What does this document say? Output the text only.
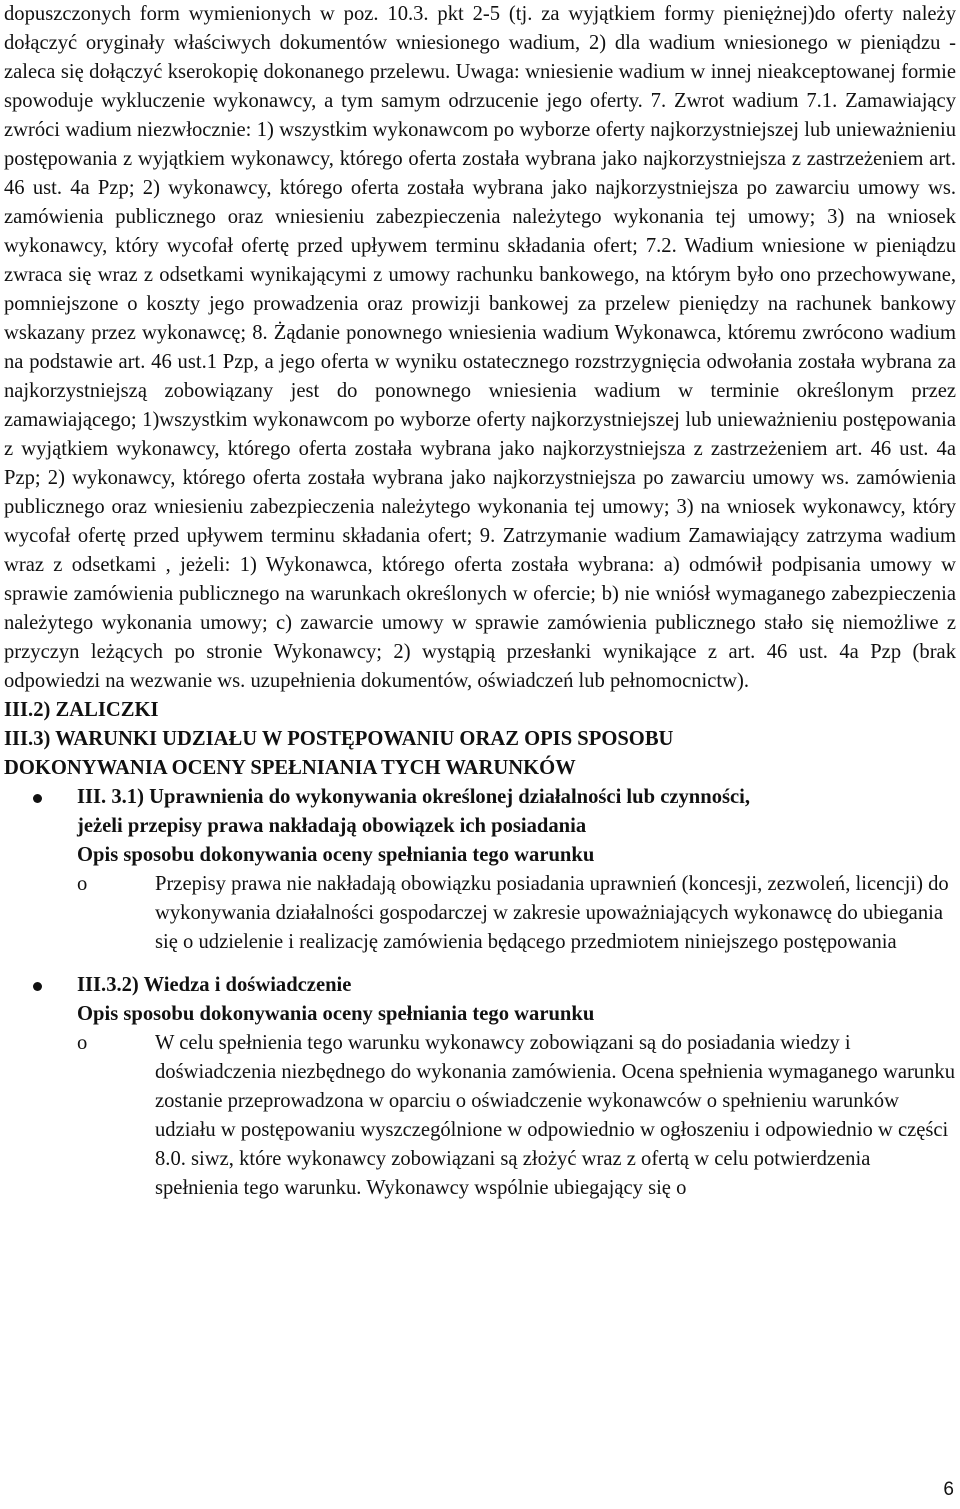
dopuszczonych form wymienionych w poz. 10.3. pkt 2-5 (tj. za wyjątkiem formy pieniężnej)do oferty należy dołączyć oryginały właściwych dokumentów wniesionego wadium, 2) dla wadium wniesionego w pieniądzu - zaleca się dołączyć kserokopię dokonanego przelewu. Uwaga: wniesienie wadium w innej nieakceptowanej formie spowoduje wykluczenie wykonawcy, a tym samym odrzucenie jego oferty. 7. Zwrot wadium 7.1. Zamawiający zwróci wadium niezwłocznie: 1) wszystkim wykonawcom po wyborze oferty najkorzystniejszej lub unieważnieniu postępowania z wyjątkiem wykonawcy, którego oferta została wybrana jako najkorzystniejsza z zastrzeżeniem art. 46 ust. 4a Pzp; 2) wykonawcy, którego oferta została wybrana jako najkorzystniejsza po zawarciu umowy ws. zamówienia publicznego oraz wniesieniu zabezpieczenia należytego wykonania tej umowy; 3) na wniosek wykonawcy, który wycofał ofertę przed upływem terminu składania ofert; 7.2. Wadium wniesione w pieniądzu zwraca się wraz z odsetkami wynikającymi z umowy rachunku bankowego, na którym było ono przechowywane, pomniejszone o koszty jego prowadzenia oraz prowizji bankowej za przelew pieniędzy na rachunek bankowy wskazany przez wykonawcę; 8. Żądanie ponownego wniesienia wadium Wykonawca, któremu zwrócono wadium na podstawie art. 46 ust.1 Pzp, a jego oferta w wyniku ostatecznego rozstrzygnięcia odwołania została wybrana za najkorzystniejszą zobowiązany jest do ponownego wniesienia wadium w terminie określonym przez zamawiającego; 1)wszystkim wykonawcom po wyborze oferty najkorzystniejszej lub unieważnieniu postępowania z wyjątkiem wykonawcy, którego oferta została wybrana jako najkorzystniejsza z zastrzeżeniem art. 46 ust. 4a Pzp; 2) wykonawcy, którego oferta została wybrana jako najkorzystniejsza po zawarciu umowy ws. zamówienia publicznego oraz wniesieniu zabezpieczenia należytego wykonania tej umowy; 3) na wniosek wykonawcy, który wycofał ofertę przed upływem terminu składania ofert; 9. Zatrzymanie wadium Zamawiający zatrzyma wadium wraz z odsetkami , jeżeli: 1) Wykonawca, którego oferta została wybrana: a) odmówił podpisania umowy w sprawie zamówienia publicznego na warunkach określonych w ofercie; b) nie wniósł wymaganego zabezpieczenia należytego wykonania umowy; c) zawarcie umowy w sprawie zamówienia publicznego stało się niemożliwe z przyczyn leżących po stronie Wykonawcy; 2) wystąpią przesłanki wynikające z art. 46 ust. 4a Pzp (brak odpowiedzi na wezwanie ws. uzupełnienia dokumentów, oświadczeń lub pełnomocnictw).

III.2) ZALICZKI

III.3) WARUNKI UDZIAŁU W POSTĘPOWANIU ORAZ OPIS SPOSOBU

DOKONYWANIA OCENY SPEŁNIANIA TYCH WARUNKÓW

III. 3.1) Uprawnienia do wykonywania określonej działalności lub czynności,

jeżeli przepisy prawa nakładają obowiązek ich posiadania

Opis sposobu dokonywania oceny spełniania tego warunku

o	Przepisy prawa nie nakładają obowiązku posiadania uprawnień (koncesji, zezwoleń, licencji) do wykonywania działalności gospodarczej w zakresie upoważniających wykonawcę do ubiegania się o udzielenie i realizację zamówienia będącego przedmiotem niniejszego postępowania

III.3.2) Wiedza i doświadczenie

Opis sposobu dokonywania oceny spełniania tego warunku

o	W celu spełnienia tego warunku wykonawcy zobowiązani są do posiadania wiedzy i doświadczenia niezbędnego do wykonania zamówienia. Ocena spełnienia wymaganego warunku zostanie przeprowadzona w oparciu o oświadczenie wykonawców o spełnieniu warunków udziału w postępowaniu wyszczególnione w odpowiednio w ogłoszeniu i odpowiednio w części 8.0. siwz, które wykonawcy zobowiązani są złożyć wraz z ofertą w celu potwierdzenia spełnienia tego warunku. Wykonawcy wspólnie ubiegający się o
6
